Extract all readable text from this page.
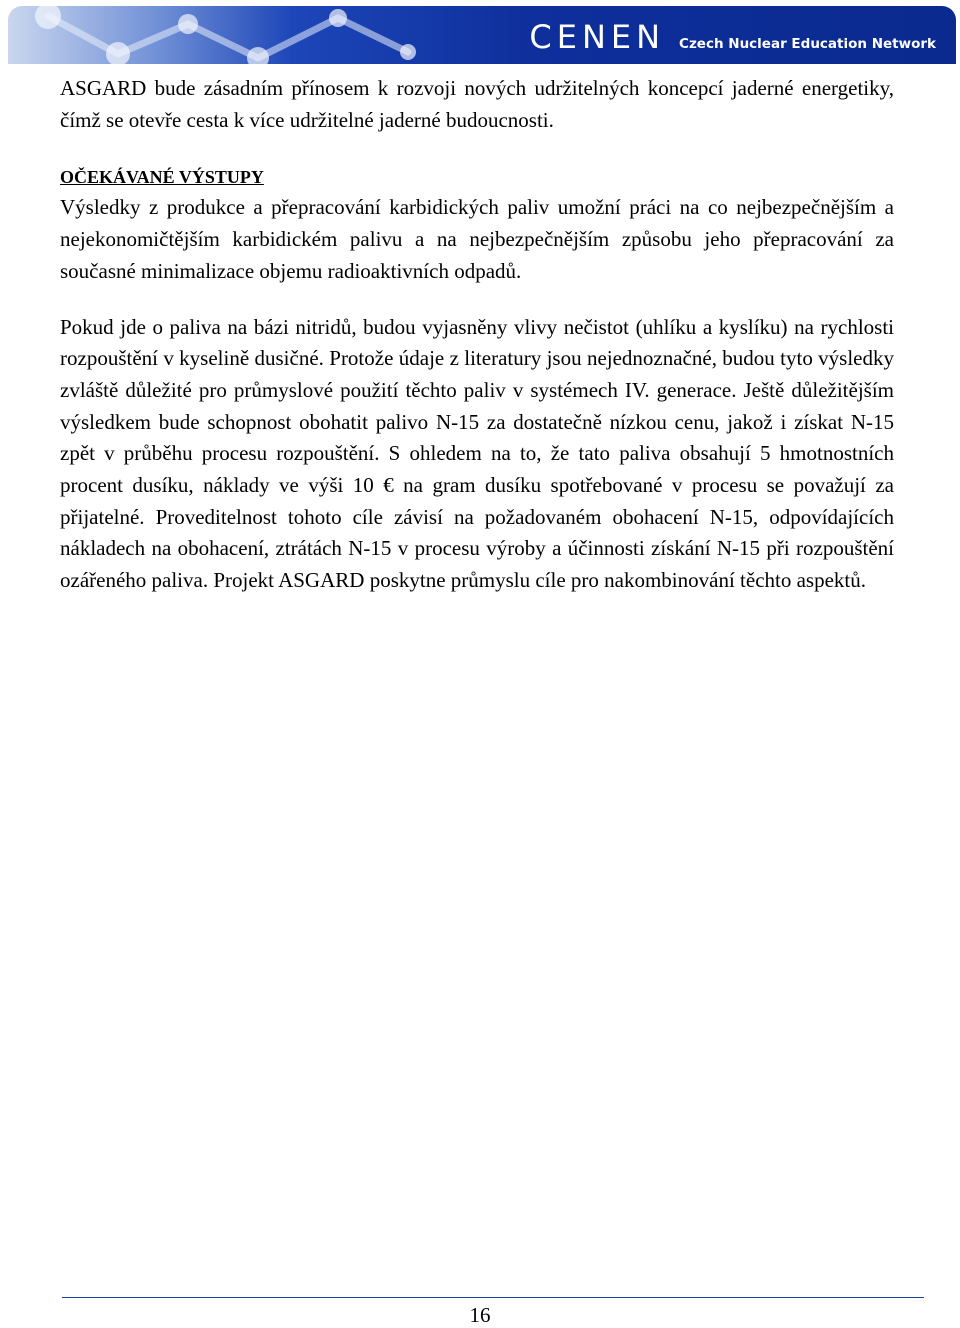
CENEN Czech Nuclear Education Network

ASGARD bude zásadním přínosem k rozvoji nových udržitelných koncepcí jaderné energetiky, čímž se otevře cesta k více udržitelné jaderné budoucnosti.

OČEKÁVANÉ VÝSTUPY

Výsledky z produkce a přepracování karbidických paliv umožní práci na co nejbezpečnějším a nejekonomičtějším karbidickém palivu a na nejbezpečnějším způsobu jeho přepracování za současné minimalizace objemu radioaktivních odpadů.

Pokud jde o paliva na bázi nitridů, budou vyjasněny vlivy nečistot (uhlíku a kyslíku) na rychlosti rozpouštění v kyselině dusičné. Protože údaje z literatury jsou nejednoznačné, budou tyto výsledky zvláště důležité pro průmyslové použití těchto paliv v systémech IV. generace. Ještě důležitějším výsledkem bude schopnost obohatit palivo N-15 za dostatečně nízkou cenu, jakož i získat N-15 zpět v průběhu procesu rozpouštění. S ohledem na to, že tato paliva obsahují 5 hmotnostních procent dusíku, náklady ve výši 10 € na gram dusíku spotřebované v procesu se považují za přijatelné. Proveditelnost tohoto cíle závisí na požadovaném obohacení N-15, odpovídajících nákladech na obohacení, ztrátách N-15 v procesu výroby a účinnosti získání N-15 při rozpouštění ozářeného paliva. Projekt ASGARD poskytne průmyslu cíle pro nakombinování těchto aspektů.

16
